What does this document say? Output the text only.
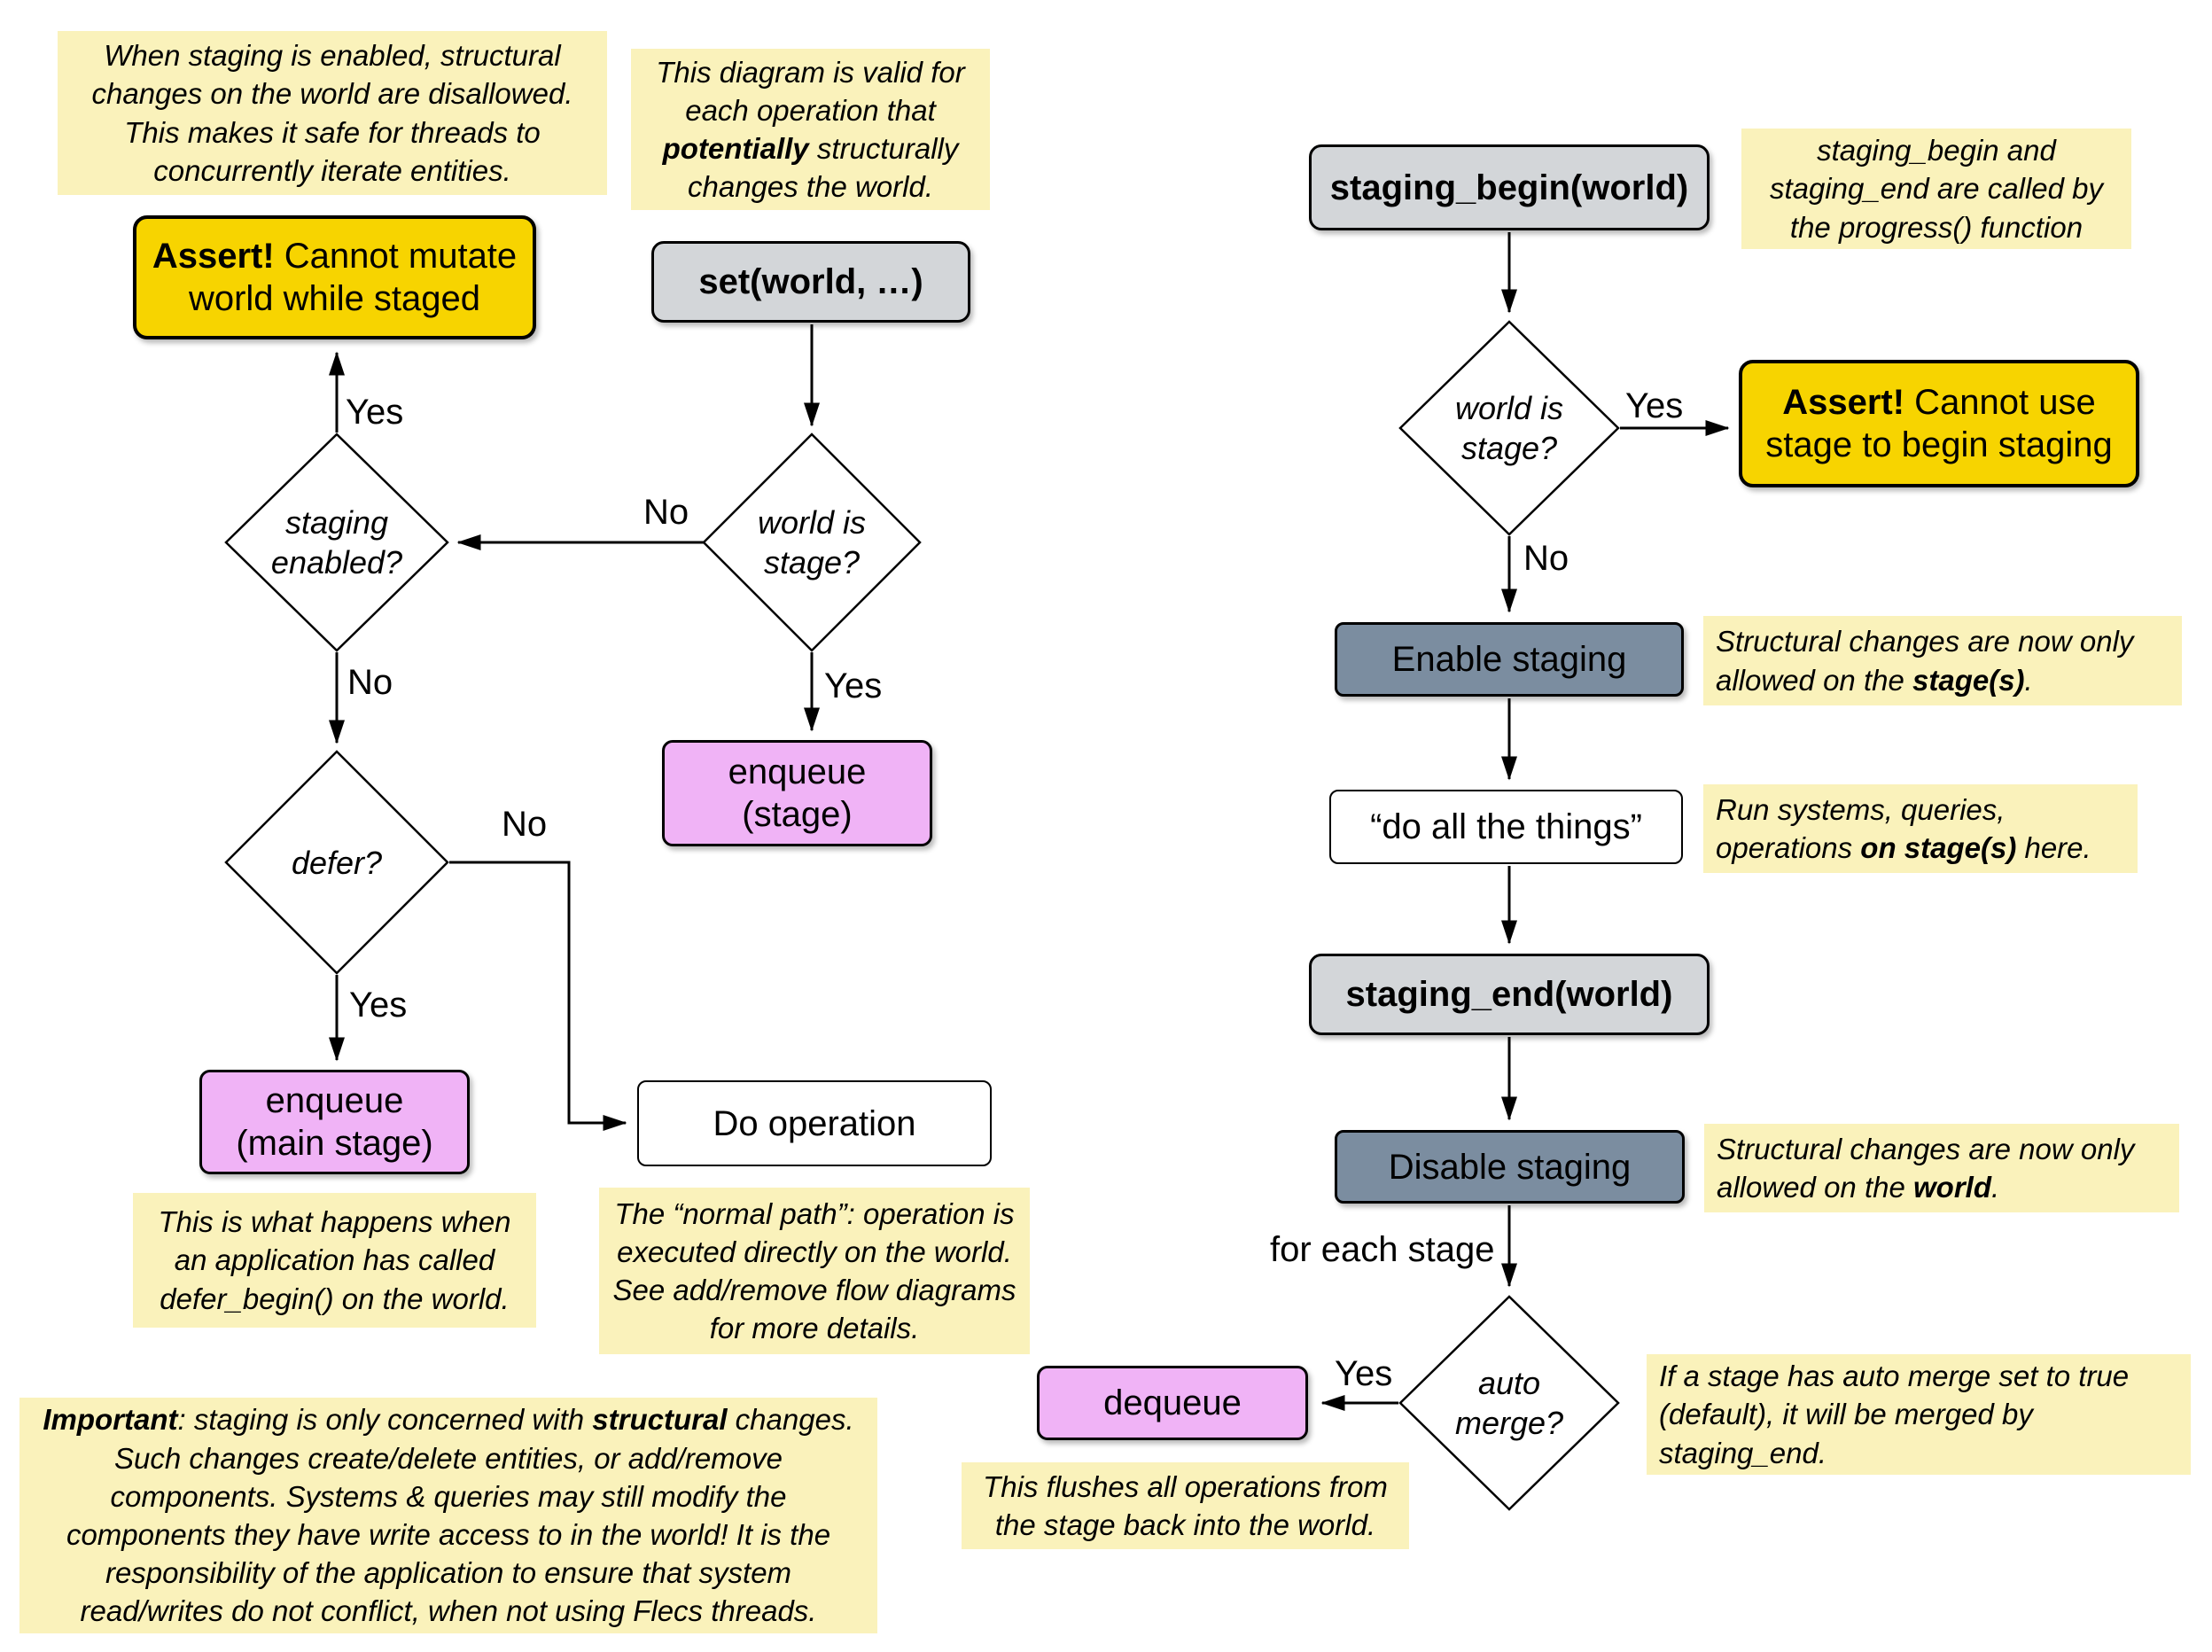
When staging is enabled, structural changes on the world are disallowed. This makes it safe for threads to concurrently iterate entities.
This diagram is valid for each operation that potentially structurally changes the world.
Assert! Cannot mutate world while staged	set(world, …)
staging
enabled?
world is
stage?
defer?
Yes
No
Yes
No
No
Yes
enqueue
(stage)
enqueue
(main stage)
Do operation
This is what happens when an application has called defer_begin() on the world.
The “normal path”: operation is executed directly on the world. See add/remove flow diagrams for more details.
Important: staging is only concerned with structural changes. Such changes create/delete entities, or add/remove components. Systems & queries may still modify the components they have write access to in the world! It is the responsibility of the application to ensure that system read/writes do not conflict, when not using Flecs threads.
staging_begin(world)
staging_begin and staging_end are called by the progress() function
world is
stage?
Yes	Assert! Cannot use stage to begin staging
No
Enable staging	Structural changes are now only allowed on the stage(s).
“do all the things”	Run systems, queries, operations on stage(s) here.
staging_end(world)
Disable staging	Structural changes are now only allowed on the world.
for each stage
auto
merge?
Yes
dequeue
This flushes all operations from the stage back into the world.
If a stage has auto merge set to true (default), it will be merged by staging_end.
